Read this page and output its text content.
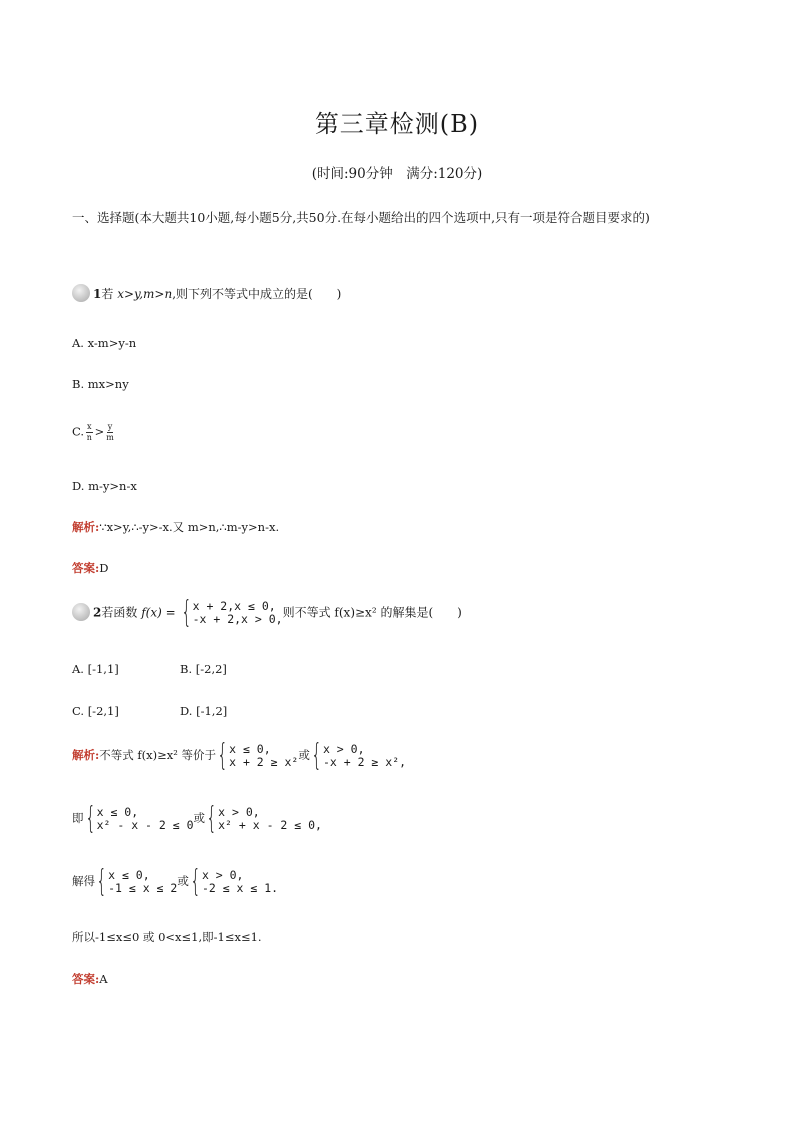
第三章检测(B)
(时间:90分钟　满分:120分)
一、选择题(本大题共10小题,每小题5分,共50分.在每小题给出的四个选项中,只有一项是符合题目要求的)
1若 x>y,m>n,则下列不等式中成立的是(　　)
A. x-m>y-n
B. mx>ny
C. $\frac{x}{n} > \frac{y}{m}$
D. m-y>n-x
解析:∵x>y,∴-y>-x.又 m>n,∴m-y>n-x.
答案:D
2若函数 f(x) = { x + 2,x ≤ 0,
-x + 2,x > 0, 则不等式 f(x)≥x² 的解集是(　　)
A. [-1,1]	B. [-2,2]
C. [-2,1]	D. [-1,2]
解析:不等式 f(x)≥x² 等价于 { x ≤ 0,
x + 2 ≥ x² 或 { x > 0,
-x + 2 ≥ x²,
即 { x ≤ 0,
x² - x - 2 ≤ 0 或 { x > 0,
x² + x - 2 ≤ 0,
解得 { x ≤ 0,
-1 ≤ x ≤ 2 或 { x > 0,
-2 ≤ x ≤ 1.
所以-1≤x≤0 或 0<x≤1,即-1≤x≤1.
答案:A
